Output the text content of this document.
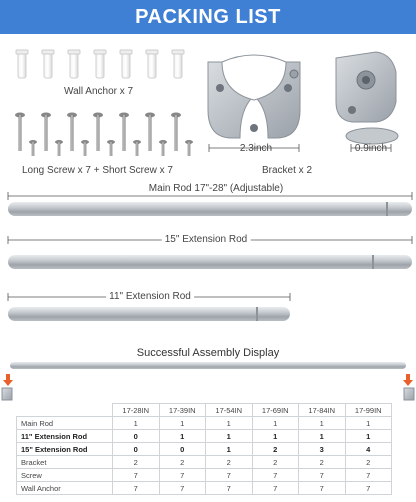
PACKING LIST
Wall Anchor x 7
Long Screw x 7 + Short Screw x 7
2.3inch
Bracket x 2
0.9inch
Main Rod 17"-28" (Adjustable)
15" Extension Rod
11" Extension Rod
Successful Assembly Display
	17-28IN	17-39IN	17-54IN	17-69IN	17-84IN	17-99IN
Main Rod	1	1	1	1	1	1
11" Extension Rod	0	1	1	1	1	1
15" Extension Rod	0	0	1	2	3	4
Bracket	2	2	2	2	2	2
Screw	7	7	7	7	7	7
Wall Anchor	7	7	7	7	7	7
